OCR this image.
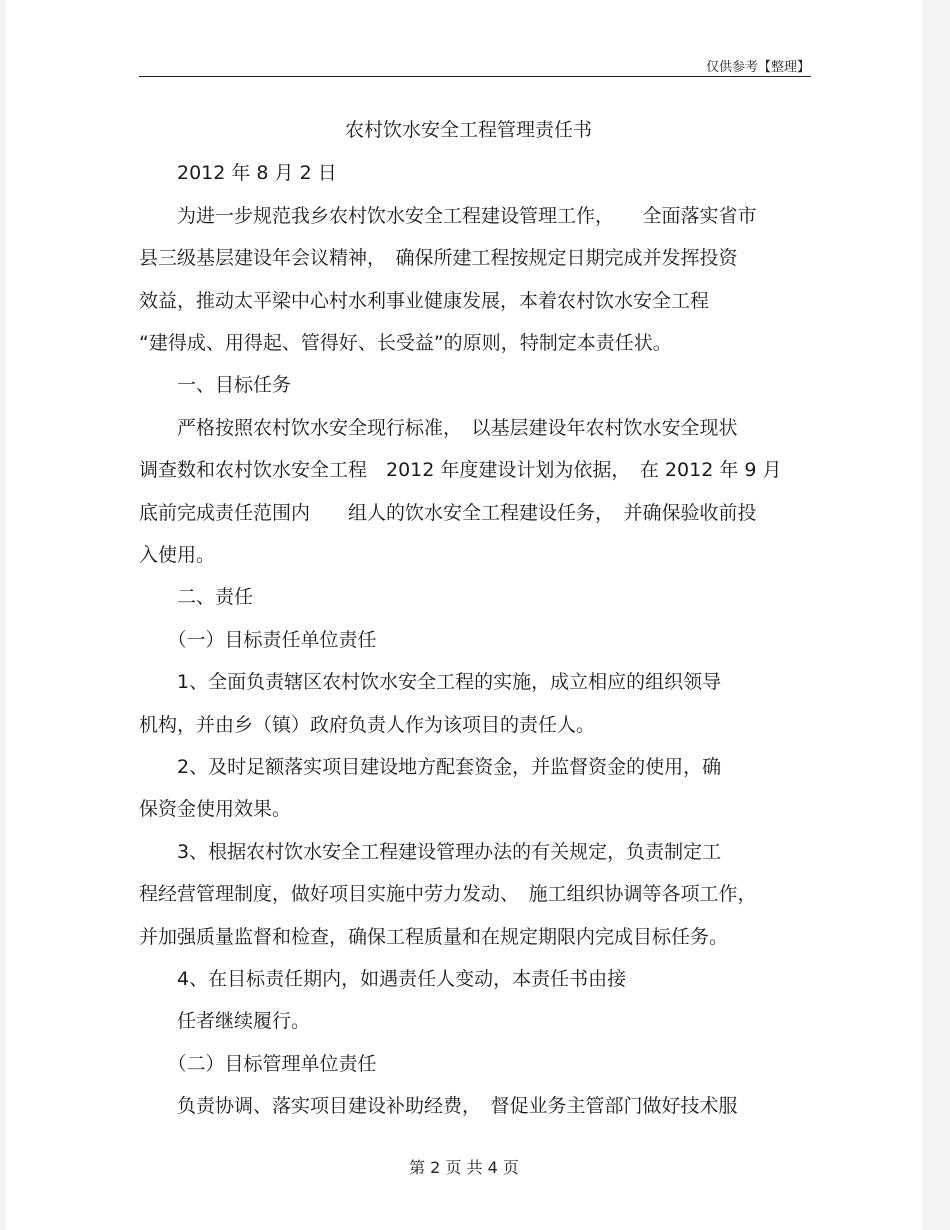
仅供参考【整理】
农村饮水安全工程管理责任书
　　2012 年 8 月 2 日
　　为进一步规范我乡农村饮水安全工程建设管理工作，　　全面落实省市
县三级基层建设年会议精神，　确保所建工程按规定日期完成并发挥投资
效益，推动太平梁中心村水利事业健康发展，本着农村饮水安全工程
“建得成、用得起、管得好、长受益”的原则，特制定本责任状。
　　一、目标任务
　　严格按照农村饮水安全现行标准，　以基层建设年农村饮水安全现状
调查数和农村饮水安全工程　2012 年度建设计划为依据，　在 2012 年 9 月
底前完成责任范围内　　组人的饮水安全工程建设任务，　并确保验收前投
入使用。
　　二、责任
　　（一）目标责任单位责任
　　1、全面负责辖区农村饮水安全工程的实施，成立相应的组织领导
机构，并由乡（镇）政府负责人作为该项目的责任人。
　　2、及时足额落实项目建设地方配套资金，并监督资金的使用，确
保资金使用效果。
　　3、根据农村饮水安全工程建设管理办法的有关规定，负责制定工
程经营管理制度，做好项目实施中劳力发动、　施工组织协调等各项工作，
并加强质量监督和检查，确保工程质量和在规定期限内完成目标任务。
　　4、在目标责任期内，如遇责任人变动，本责任书由接
　　任者继续履行。
　　（二）目标管理单位责任
　　负责协调、落实项目建设补助经费，　督促业务主管部门做好技术服
第 2 页 共 4 页
